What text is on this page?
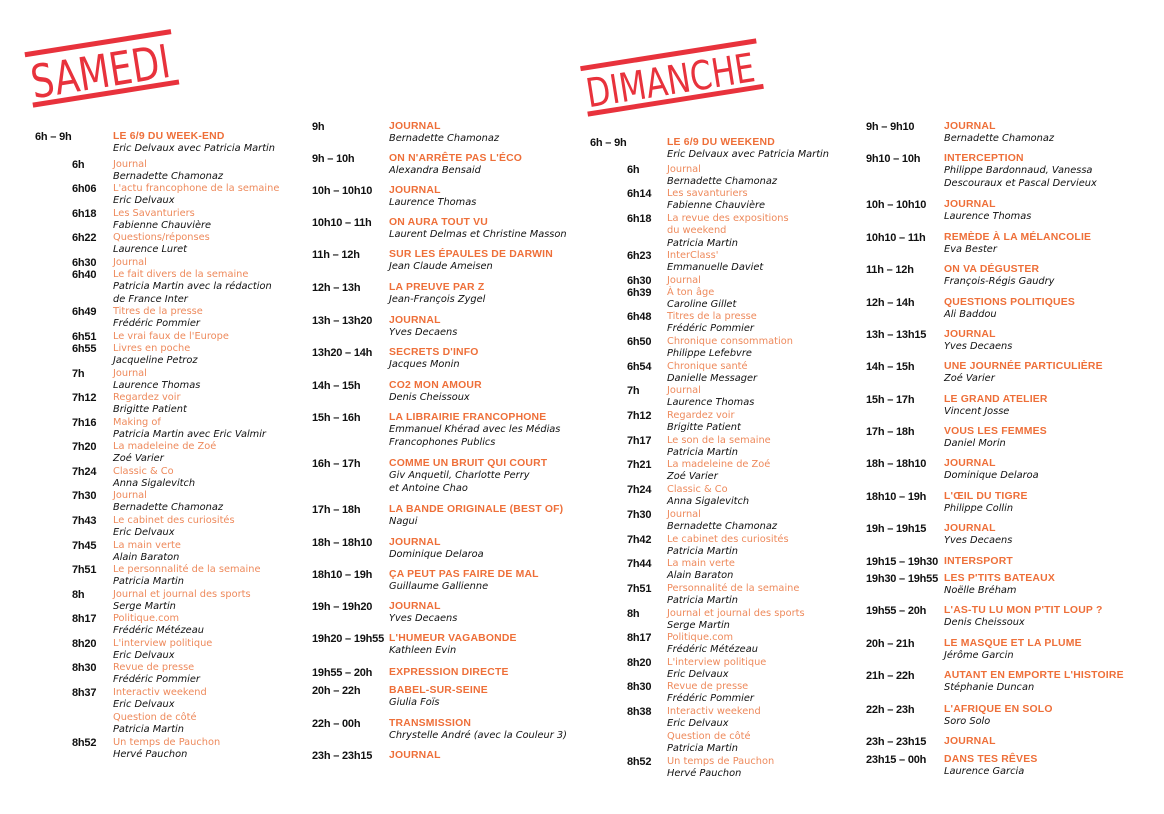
SAMEDI	DIMANCHE
6h – 9h	LE 6/9 DU WEEK-END
Eric Delvaux avec Patricia Martin
6h	Journal
Bernadette Chamonaz
6h06 L'actu francophone de la semaine
Eric Delvaux
6h18 Les Savanturiers
Fabienne Chauvière
6h22 Questions/réponses
Laurence Luret
6h30 Journal
6h40 Le fait divers de la semaine
Patricia Martin avec la rédaction
de France Inter
6h49 Titres de la presse
Frédéric Pommier
6h51 Le vrai faux de l'Europe
6h55 Livres en poche
Jacqueline Petroz
7h	Journal
Laurence Thomas
7h12 Regardez voir
Brigitte Patient
7h16 Making of
Patricia Martin avec Eric Valmir
7h20 La madeleine de Zoé
Zoé Varier
7h24 Classic & Co
Anna Sigalevitch
7h30 Journal
Bernadette Chamonaz
7h43 Le cabinet des curiosités
Eric Delvaux
7h45 La main verte
Alain Baraton
7h51 Le personnalité de la semaine
Patricia Martin
8h	Journal et journal des sports
Serge Martin
8h17 Politique.com
Frédéric Métézeau
8h20 L'interview politique
Eric Delvaux
8h30 Revue de presse
Frédéric Pommier
8h37 Interactiv weekend
Eric Delvaux
Question de côté
Patricia Martin
8h52 Un temps de Pauchon
Hervé Pauchon
9h	JOURNAL
Bernadette Chamonaz
9h – 10h	ON N'ARRÊTE PAS L'ÉCO
Alexandra Bensaid
10h – 10h10 JOURNAL
Laurence Thomas
10h10 – 11h ON AURA TOUT VU
Laurent Delmas et Christine Masson
11h – 12h	SUR LES ÉPAULES DE DARWIN
Jean Claude Ameisen
12h – 13h	LA PREUVE PAR Z
Jean-François Zygel
13h – 13h20 JOURNAL
Yves Decaens
13h20 – 14h SECRETS D'INFO
Jacques Monin
14h – 15h	CO2 MON AMOUR
Denis Cheissoux
15h – 16h	LA LIBRAIRIE FRANCOPHONE
Emmanuel Khérad avec les Médias
Francophones Publics
16h – 17h	COMME UN BRUIT QUI COURT
Giv Anquetil, Charlotte Perry
et Antoine Chao
17h – 18h	LA BANDE ORIGINALE (BEST OF)
Nagui
18h – 18h10 JOURNAL
Dominique Delaroa
18h10 – 19h ÇA PEUT PAS FAIRE DE MAL
Guillaume Gallienne
19h – 19h20 JOURNAL
Yves Decaens
19h20 – 19h55 L'HUMEUR VAGABONDE
Kathleen Evin
19h55 – 20h EXPRESSION DIRECTE
20h – 22h	BABEL-SUR-SEINE
Giulia Foïs
22h – 00h	TRANSMISSION
Chrystelle André (avec la Couleur 3)
23h – 23h15 JOURNAL
6h – 9h	LE 6/9 DU WEEKEND
Eric Delvaux avec Patricia Martin
6h	Journal
Bernadette Chamonaz
6h14 Les savanturiers
Fabienne Chauvière
6h18 La revue des expositions
du weekend
Patricia Martin
6h23 InterClass'
Emmanuelle Daviet
6h30 Journal
6h39 À ton âge
Caroline Gillet
6h48 Titres de la presse
Frédéric Pommier
6h50 Chronique consommation
Philippe Lefebvre
6h54 Chronique santé
Danielle Messager
7h	Journal
Laurence Thomas
7h12 Regardez voir
Brigitte Patient
7h17 Le son de la semaine
Patricia Martin
7h21 La madeleine de Zoé
Zoé Varier
7h24 Classic & Co
Anna Sigalevitch
7h30 Journal
Bernadette Chamonaz
7h42 Le cabinet des curiosités
Patricia Martin
7h44 La main verte
Alain Baraton
7h51 Personnalité de la semaine
Patricia Martin
8h	Journal et journal des sports
Serge Martin
8h17 Politique.com
Frédéric Métézeau
8h20 L'interview politique
Eric Delvaux
8h30 Revue de presse
Frédéric Pommier
8h38 Interactiv weekend
Eric Delvaux
Question de côté
Patricia Martin
8h52 Un temps de Pauchon
Hervé Pauchon
9h – 9h10	JOURNAL
Bernadette Chamonaz
9h10 – 10h INTERCEPTION
Philippe Bardonnaud, Vanessa
Descouraux et Pascal Dervieux
10h – 10h10 JOURNAL
Laurence Thomas
10h10 – 11h REMÈDE À LA MÉLANCOLIE
Eva Bester
11h – 12h	ON VA DÉGUSTER
François-Régis Gaudry
12h – 14h	QUESTIONS POLITIQUES
Ali Baddou
13h – 13h15 JOURNAL
Yves Decaens
14h – 15h	UNE JOURNÉE PARTICULIÈRE
Zoé Varier
15h – 17h	LE GRAND ATELIER
Vincent Josse
17h – 18h	VOUS LES FEMMES
Daniel Morin
18h – 18h10 JOURNAL
Dominique Delaroa
18h10 – 19h L'ŒIL DU TIGRE
Philippe Collin
19h – 19h15 JOURNAL
Yves Decaens
19h15 – 19h30 INTERSPORT
19h30 – 19h55 LES P'TITS BATEAUX
Noëlle Bréham
19h55 – 20h L'AS-TU LU MON P'TIT LOUP ?
Denis Cheissoux
20h – 21h	LE MASQUE ET LA PLUME
Jérôme Garcin
21h – 22h	AUTANT EN EMPORTE L'HISTOIRE
Stéphanie Duncan
22h – 23h	L'AFRIQUE EN SOLO
Soro Solo
23h – 23h15 JOURNAL
23h15 – 00h DANS TES RÊVES
Laurence Garcia
